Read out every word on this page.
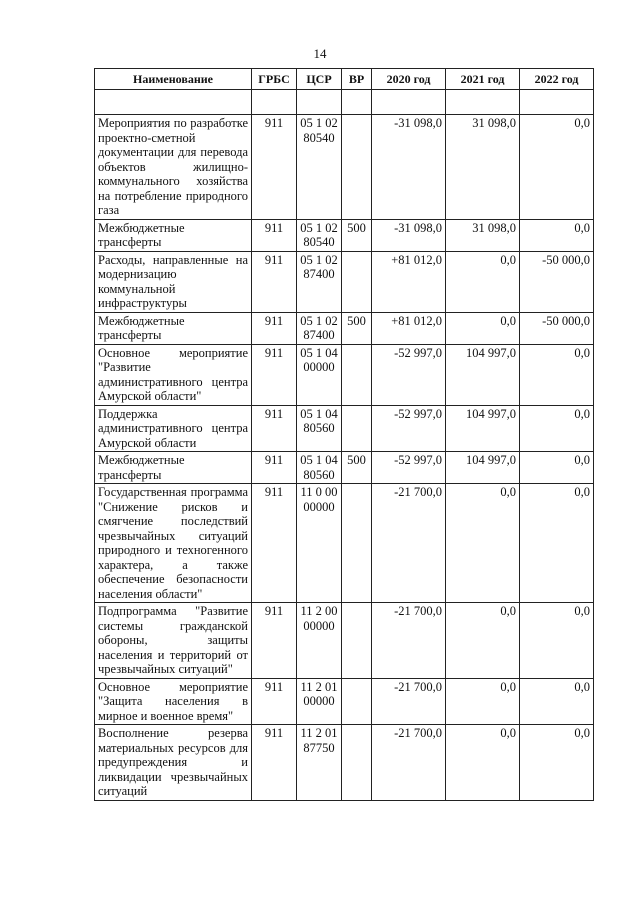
14
Наименование	ГРБС	ЦСР	ВР	2020 год	2021 год	2022 год

Мероприятия по разработке проектно-сметной документации для перевода объектов жилищно-коммунального хозяйства на потребление природного газа	911	05 1 02 80540		-31 098,0	31 098,0	0,0
Межбюджетные трансферты	911	05 1 02 80540	500	-31 098,0	31 098,0	0,0
Расходы, направленные на модернизацию коммунальной инфраструктуры	911	05 1 02 87400		+81 012,0	0,0	-50 000,0
Межбюджетные трансферты	911	05 1 02 87400	500	+81 012,0	0,0	-50 000,0
Основное мероприятие "Развитие административного центра Амурской области"	911	05 1 04 00000		-52 997,0	104 997,0	0,0
Поддержка административного центра Амурской области	911	05 1 04 80560		-52 997,0	104 997,0	0,0
Межбюджетные трансферты	911	05 1 04 80560	500	-52 997,0	104 997,0	0,0
Государственная программа "Снижение рисков и смягчение последствий чрезвычайных ситуаций природного и техногенного характера, а также обеспечение безопасности населения области"	911	11 0 00 00000		-21 700,0	0,0	0,0
Подпрограмма "Развитие системы гражданской обороны, защиты населения и территорий от чрезвычайных ситуаций"	911	11 2 00 00000		-21 700,0	0,0	0,0
Основное мероприятие "Защита населения в мирное и военное время"	911	11 2 01 00000		-21 700,0	0,0	0,0
Восполнение резерва материальных ресурсов для предупреждения и ликвидации чрезвычайных ситуаций	911	11 2 01 87750		-21 700,0	0,0	0,0
